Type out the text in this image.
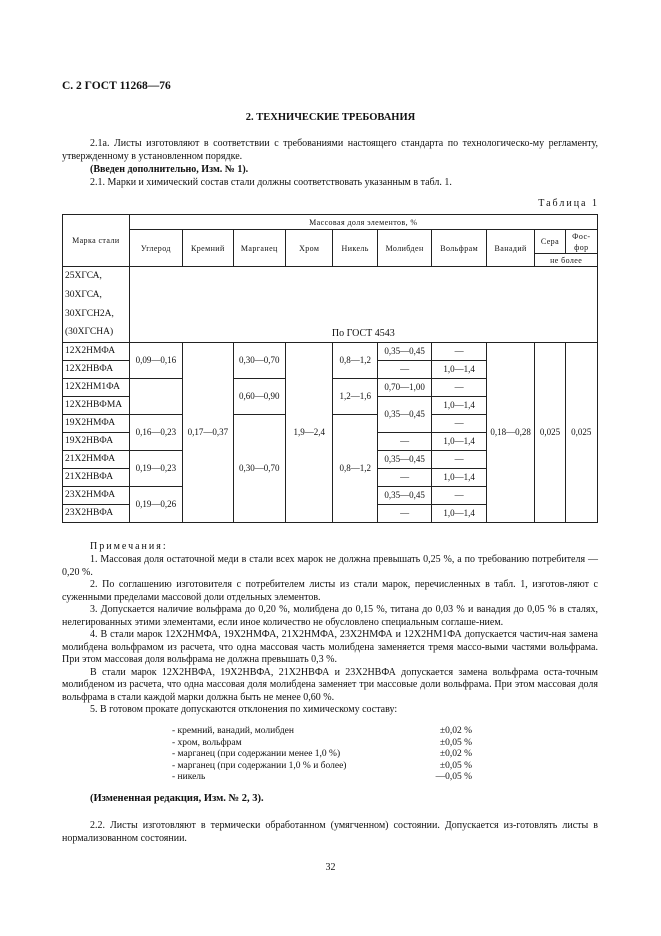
С. 2 ГОСТ 11268—76
2. ТЕХНИЧЕСКИЕ ТРЕБОВАНИЯ

2.1а. Листы изготовляют в соответствии с требованиями настоящего стандарта по технологическо-му регламенту, утвержденному в установленном порядке.

(Введен дополнительно, Изм. № 1).

2.1. Марки и химический состав стали должны соответствовать указанным в табл. 1.

Таблица 1
Марка стали	Массовая доля элементов, %									
	Углерод	Кремний	Марганец	Хром	Никель	Молибден	Вольфрам	Ванадий	Сера	Фос-фор
									не более	
25ХГСА,	По ГОСТ 4543									
30ХГСА,										
30ХГСН2А,										
(30ХГСНА)										
12Х2НМФА	0,09—0,16	0,17—0,37	0,30—0,70	1,9—2,4	0,8—1,2	0,35—0,45	—	0,18—0,28	0,025	0,025
12Х2НВФА						—	1,0—1,4			
12Х2НМ1ФА			0,60—0,90		1,2—1,6	0,70—1,00	—			
12Х2НВФМА						0,35—0,45	1,0—1,4			
19Х2НМФА	0,16—0,23		0,30—0,70		0,8—1,2		—			
19Х2НВФА						—	1,0—1,4			
21Х2НМФА	0,19—0,23					0,35—0,45	—			
21Х2НВФА						—	1,0—1,4			
23Х2НМФА	0,19—0,26					0,35—0,45	—			
23Х2НВФА						—	1,0—1,4			
Примечания:

1. Массовая доля остаточной меди в стали всех марок не должна превышать 0,25 %, а по требованию потребителя — 0,20 %.

2. По соглашению изготовителя с потребителем листы из стали марок, перечисленных в табл. 1, изготов-ляют с суженными пределами массовой доли отдельных элементов.

3. Допускается наличие вольфрама до 0,20 %, молибдена до 0,15 %, титана до 0,03 % и ванадия до 0,05 % в сталях, нелегированных этими элементами, если иное количество не обусловлено специальным соглаше-нием.

4. В стали марок 12Х2НМФА, 19Х2НМФА, 21Х2НМФА, 23Х2НМФА и 12Х2НМ1ФА допускается частич-ная замена молибдена вольфрамом из расчета, что одна массовая часть молибдена заменяется тремя массо-выми частями вольфрама. При этом массовая доля вольфрама не должна превышать 0,3 %.

В стали марок 12Х2НВФА, 19Х2НВФА, 21Х2НВФА и 23Х2НВФА допускается замена вольфрама оста-точным молибденом из расчета, что одна массовая доля молибдена заменяет три массовые доли вольфрама. При этом массовая доля вольфрама в стали каждой марки должна быть не менее 0,60 %.

5. В готовом прокате допускаются отклонения по химическому составу:

- кремний, ванадий, молибден	±0,02 %
- хром, вольфрам	±0,05 %
- марганец (при содержании менее 1,0 %)	±0,02 %
- марганец (при содержании 1,0 % и более)	±0,05 %
- никель	—0,05 %

(Измененная редакция, Изм. № 2, 3).

2.2. Листы изготовляют в термически обработанном (умягченном) состоянии. Допускается из-готовлять листы в нормализованном состоянии.

32
